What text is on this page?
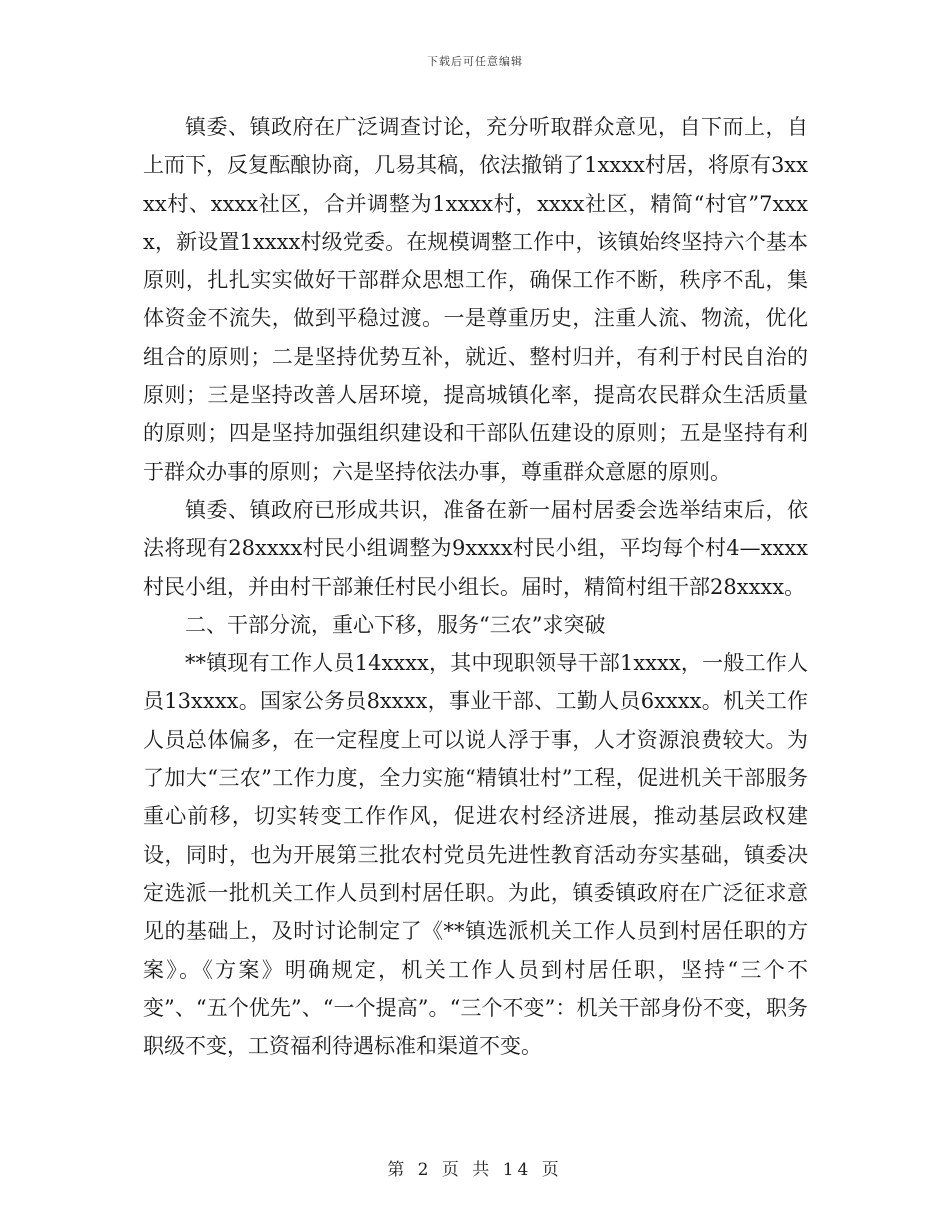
下载后可任意编辑

镇委、镇政府在广泛调查讨论，充分听取群众意见，自下而上，自上而下，反复酝酿协商，几易其稿，依法撤销了1xxxx村居，将原有3xxxx村、xxxx社区，合并调整为1xxxx村，xxxx社区，精简“村官”7xxxx，新设置1xxxx村级党委。在规模调整工作中，该镇始终坚持六个基本原则，扎扎实实做好干部群众思想工作，确保工作不断，秩序不乱，集体资金不流失，做到平稳过渡。一是尊重历史，注重人流、物流，优化组合的原则；二是坚持优势互补，就近、整村归并，有利于村民自治的原则；三是坚持改善人居环境，提高城镇化率，提高农民群众生活质量的原则；四是坚持加强组织建设和干部队伍建设的原则；五是坚持有利于群众办事的原则；六是坚持依法办事，尊重群众意愿的原则。

镇委、镇政府已形成共识，准备在新一届村居委会选举结束后，依法将现有28xxxx村民小组调整为9xxxx村民小组，平均每个村4—xxxx村民小组，并由村干部兼任村民小组长。届时，精简村组干部28xxxx。

二、干部分流，重心下移，服务“三农”求突破

**镇现有工作人员14xxxx，其中现职领导干部1xxxx，一般工作人员13xxxx。国家公务员8xxxx，事业干部、工勤人员6xxxx。机关工作人员总体偏多，在一定程度上可以说人浮于事，人才资源浪费较大。为了加大“三农”工作力度，全力实施“精镇壮村”工程，促进机关干部服务重心前移，切实转变工作作风，促进农村经济进展，推动基层政权建设，同时，也为开展第三批农村党员先进性教育活动夯实基础，镇委决定选派一批机关工作人员到村居任职。为此，镇委镇政府在广泛征求意见的基础上，及时讨论制定了《**镇选派机关工作人员到村居任职的方案》。《方案》明确规定，机关工作人员到村居任职，坚持“三个不变”、“五个优先”、“一个提高”。“三个不变”：机关干部身份不变，职务职级不变，工资福利待遇标准和渠道不变。

第 2 页 共 14 页
